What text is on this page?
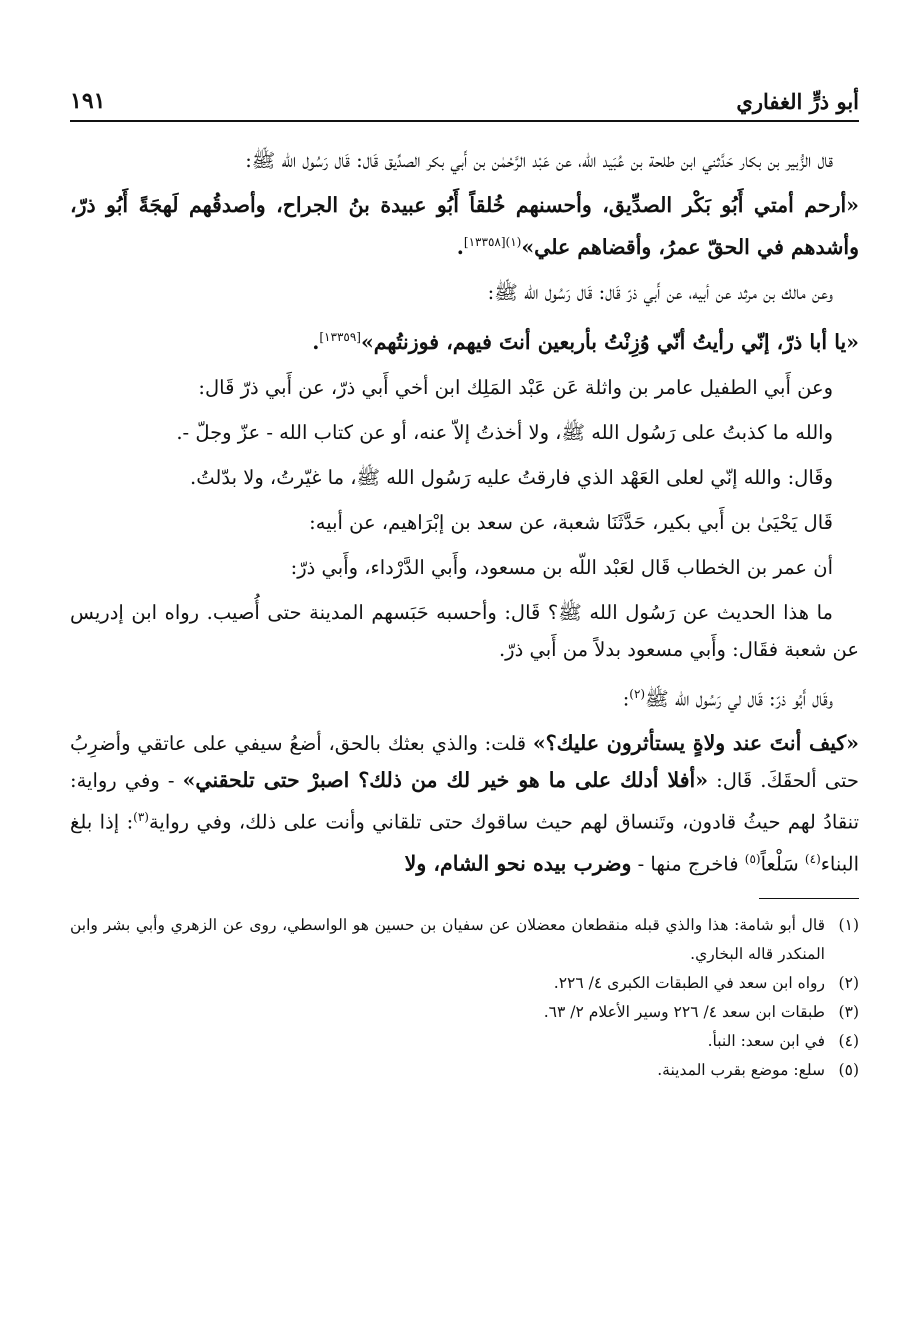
أبو ذرٍّ الغفاري
١٩١

قال الزُّبير بن بكار حَدَّثني ابن طلحة بن عُبَيد اللّه، عن عَبْد الرَّحْمٰن بن أَبي بكر الصدِّيق قَال: قَال رَسُول الله ﷺ:

«أرحم أمتي أَبُو بَكْر الصدِّيق، وأحسنهم خُلقاً أَبُو عبيدة بنُ الجراح، وأصدقُهم لَهجَةً أَبُو ذرّ، وأشدهم في الحقّ عمرُ، وأقضاهم علي»$^{(١)[١٣٣٥٨]}$.

وعن مالك بن مرثد عن أبيه، عن أَبي ذرّ قَال: قَال رَسُول الله ﷺ:

«يا أبا ذرّ، إنّي رأيتُ أنّي وُزِنْتُ بأربعين أنتَ فيهم، فوزنتُهم»[١٣٣٥٩].

وعن أَبي الطفيل عامر بن واثلة عَن عَبْد المَلِك ابن أخي أَبي ذرّ، عن أَبي ذرّ قَال:

والله ما كذبتُ على رَسُول الله ﷺ، ولا أخذتُ إلاّ عنه، أو عن كتاب الله - عزّ وجلّ -.

وقَال: والله إنّي لعلى العَهْد الذي فارقتُ عليه رَسُول الله ﷺ، ما غيّرتُ، ولا بدّلتُ.

قَال يَحْيَىٰ بن أَبي بكير، حَدَّثَنَا شعبة، عن سعد بن إبْرَاهيم، عن أبيه:

أن عمر بن الخطاب قَال لعَبْد اللّه بن مسعود، وأَبي الدَّرْداء، وأَبي ذرّ:

ما هذا الحديث عن رَسُول الله ﷺ؟ قَال: وأحسبه حَبَسهم المدينة حتى أُصيب. رواه ابن إدريس عن شعبة فقَال: وأَبي مسعود بدلاً من أَبي ذرّ.

وقَال أَبُو ذرّ: قَال لي رَسُول الله ﷺ$^{(٢)}$:

«كيف أنتَ عند ولاةٍ يستأثرون عليك؟» قلت: والذي بعثك بالحق، أضعُ سيفي على عاتقي وأضرِبُ حتى ألحقَكَ. قَال: «أفلا أدلك على ما هو خير لك من ذلك؟ اصبرْ حتى تلحقني» - وفي رواية: تنقادُ لهم حيثُ قادون، وتَنساق لهم حيث ساقوك حتى تلقاني وأنت على ذلك، وفي رواية$^{(٣)}$: إذا بلغ البناء$^{(٤)}$ سَلْعاً$^{(٥)}$ فاخرج منها - وضرب بيده نحو الشام، ولا

(١)
قال أبو شامة: هذا والذي قبله منقطعان معضلان عن سفيان بن حسين هو الواسطي، روى عن الزهري وأبي بشر وابن المنكدر قاله البخاري.
(٢)
رواه ابن سعد في الطبقات الكبرى ٤/ ٢٢٦.
(٣)
طبقات ابن سعد ٤/ ٢٢٦ وسير الأعلام ٢/ ٦٣.
(٤)
في ابن سعد: النبأ.
(٥)
سلع: موضع بقرب المدينة.
